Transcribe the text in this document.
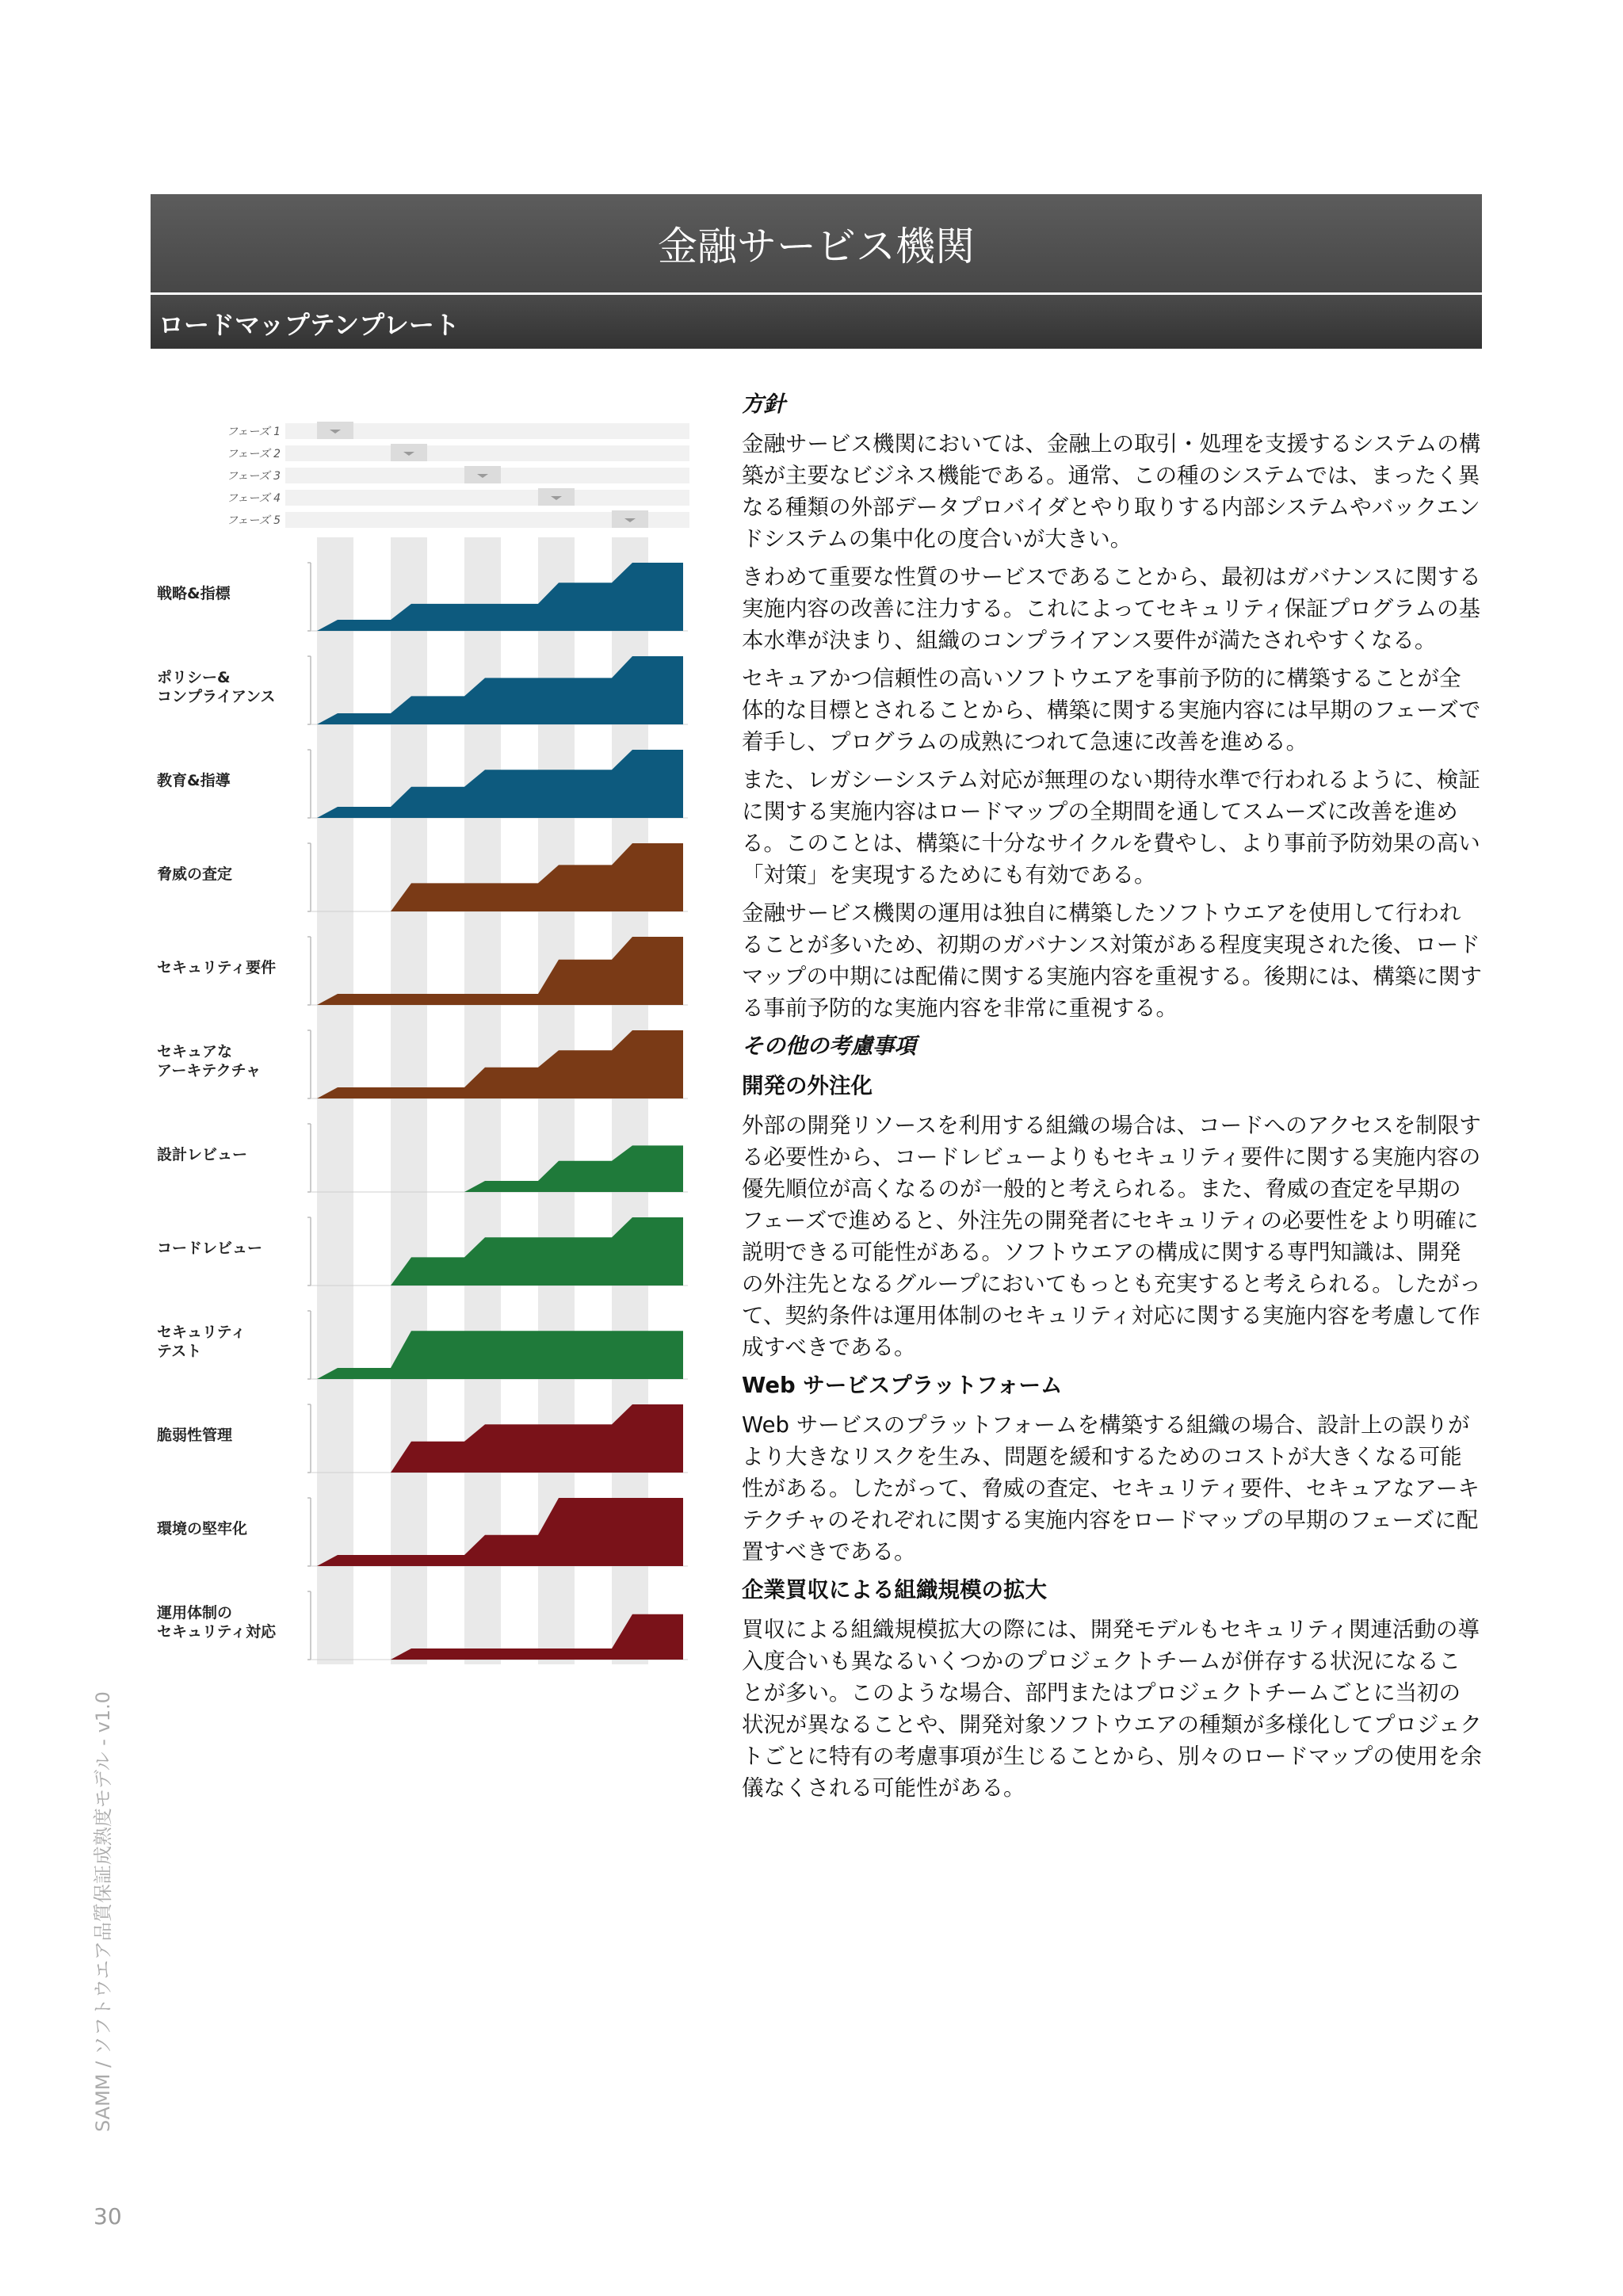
金融サービス機関
ロードマップテンプレート
フェーズ 1
フェーズ 2
フェーズ 3
フェーズ 4
フェーズ 5
戦略&指標
ポリシー&
コンプライアンス
教育&指導
脅威の査定
セキュリティ要件
セキュアな
アーキテクチャ
設計レビュー
コードレビュー
セキュリティ
テスト
脆弱性管理
環境の堅牢化
運用体制の
セキュリティ対応
方針

金融サービス機関においては、金融上の取引・処理を支援するシステムの構築が主要なビジネス機能である。通常、この種のシステムでは、まったく異なる種類の外部データプロバイダとやり取りする内部システムやバックエンドシステムの集中化の度合いが大きい。

きわめて重要な性質のサービスであることから、最初はガバナンスに関する実施内容の改善に注力する。これによってセキュリティ保証プログラムの基本水準が決まり、組織のコンプライアンス要件が満たされやすくなる。

セキュアかつ信頼性の高いソフトウエアを事前予防的に構築することが全体的な目標とされることから、構築に関する実施内容には早期のフェーズで着手し、プログラムの成熟につれて急速に改善を進める。

また、レガシーシステム対応が無理のない期待水準で行われるように、検証に関する実施内容はロードマップの全期間を通してスムーズに改善を進める。このことは、構築に十分なサイクルを費やし、より事前予防効果の高い「対策」を実現するためにも有効である。

金融サービス機関の運用は独自に構築したソフトウエアを使用して行われることが多いため、初期のガバナンス対策がある程度実現された後、ロードマップの中期には配備に関する実施内容を重視する。後期には、構築に関する事前予防的な実施内容を非常に重視する。

その他の考慮事項
開発の外注化

外部の開発リソースを利用する組織の場合は、コードへのアクセスを制限する必要性から、コードレビューよりもセキュリティ要件に関する実施内容の優先順位が高くなるのが一般的と考えられる。また、脅威の査定を早期のフェーズで進めると、外注先の開発者にセキュリティの必要性をより明確に説明できる可能性がある。ソフトウエアの構成に関する専門知識は、開発の外注先となるグループにおいてもっとも充実すると考えられる。したがって、契約条件は運用体制のセキュリティ対応に関する実施内容を考慮して作成すべきである。

Web サービスプラットフォーム

Web サービスのプラットフォームを構築する組織の場合、設計上の誤りがより大きなリスクを生み、問題を緩和するためのコストが大きくなる可能性がある。したがって、脅威の査定、セキュリティ要件、セキュアなアーキテクチャのそれぞれに関する実施内容をロードマップの早期のフェーズに配置すべきである。

企業買収による組織規模の拡大

買収による組織規模拡大の際には、開発モデルもセキュリティ関連活動の導入度合いも異なるいくつかのプロジェクトチームが併存する状況になることが多い。このような場合、部門またはプロジェクトチームごとに当初の状況が異なることや、開発対象ソフトウエアの種類が多様化してプロジェクトごとに特有の考慮事項が生じることから、別々のロードマップの使用を余儀なくされる可能性がある。

SAMM / ソフトウエア品質保証成熟度モデル - v1.0
30
